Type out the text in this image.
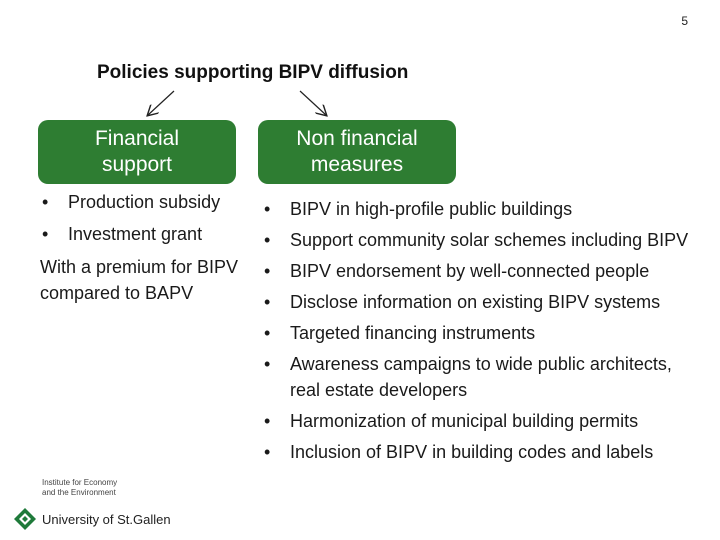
5
Policies supporting BIPV diffusion
Financial
support
Non financial
measures
• Production subsidy
• Investment grant
With a premium for BIPV compared to BAPV
• BIPV in high-profile public buildings
• Support community solar schemes including BIPV
• BIPV endorsement by well-connected people
• Disclose information on existing BIPV systems
• Targeted financing instruments
• Awareness campaigns to wide public architects, real estate developers
• Harmonization of municipal building permits
• Inclusion of BIPV in building codes and labels
Institute for Economy
and the Environment
University of St.Gallen
